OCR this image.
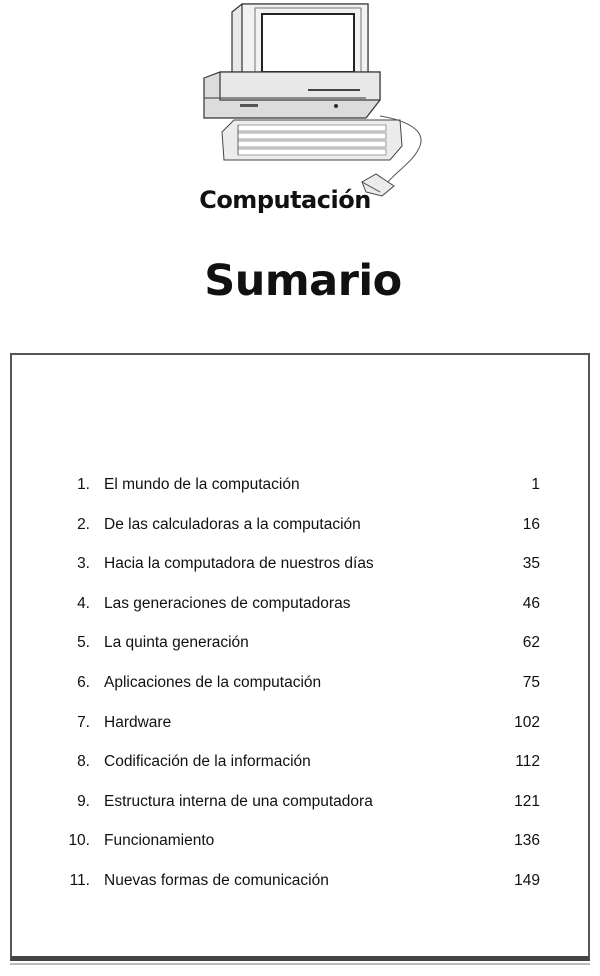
Computación
Sumario
1. El mundo de la computación	1
2. De las calculadoras a la computación	16
3. Hacia la computadora de nuestros días	35
4. Las generaciones de computadoras	46
5. La quinta generación	62
6. Aplicaciones de la computación	75
7. Hardware	102
8. Codificación de la información	112
9. Estructura interna de una computadora	121
10. Funcionamiento	136
11. Nuevas formas de comunicación	149
